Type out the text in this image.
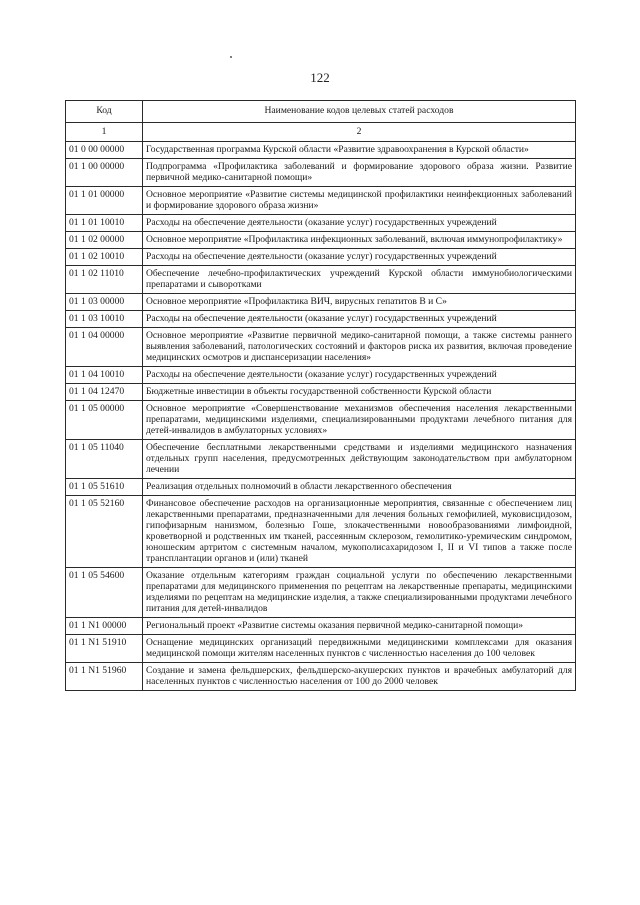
122
Код	Наименование кодов целевых статей расходов
1	2
01 0 00 00000	Государственная программа Курской области «Развитие здравоохранения в Курской области»
01 1 00 00000	Подпрограмма «Профилактика заболеваний и формирование здорового образа жизни. Развитие первичной медико-санитарной помощи»
01 1 01 00000	Основное мероприятие «Развитие системы медицинской профилактики неинфекционных заболеваний и формирование здорового образа жизни»
01 1 01 10010	Расходы на обеспечение деятельности (оказание услуг) государственных учреждений
01 1 02 00000	Основное мероприятие «Профилактика инфекционных заболеваний, включая иммунопрофилактику»
01 1 02 10010	Расходы на обеспечение деятельности (оказание услуг) государственных учреждений
01 1 02 11010	Обеспечение лечебно-профилактических учреждений Курской области иммунобиологическими препаратами и сыворотками
01 1 03 00000	Основное мероприятие «Профилактика ВИЧ, вирусных гепатитов В и С»
01 1 03 10010	Расходы на обеспечение деятельности (оказание услуг) государственных учреждений
01 1 04 00000	Основное мероприятие «Развитие первичной медико-санитарной помощи, а также системы раннего выявления заболеваний, патологических состояний и факторов риска их развития, включая проведение медицинских осмотров и диспансеризации населения»
01 1 04 10010	Расходы на обеспечение деятельности (оказание услуг) государственных учреждений
01 1 04 12470	Бюджетные инвестиции в объекты государственной собственности Курской области
01 1 05 00000	Основное мероприятие «Совершенствование механизмов обеспечения населения лекарственными препаратами, медицинскими изделиями, специализированными продуктами лечебного питания для детей-инвалидов в амбулаторных условиях»
01 1 05 11040	Обеспечение бесплатными лекарственными средствами и изделиями медицинского назначения отдельных групп населения, предусмотренных действующим законодательством при амбулаторном лечении
01 1 05 51610	Реализация отдельных полномочий в области лекарственного обеспечения
01 1 05 52160	Финансовое обеспечение расходов на организационные мероприятия, связанные с обеспечением лиц лекарственными препаратами, предназначенными для лечения больных гемофилией, муковисцидозом, гипофизарным нанизмом, болезнью Гоше, злокачественными новообразованиями лимфоидной, кроветворной и родственных им тканей, рассеянным склерозом, гемолитико-уремическим синдромом, юношеским артритом с системным началом, мукополисахаридозом I, II и VI типов а также после трансплантации органов и (или) тканей
01 1 05 54600	Оказание отдельным категориям граждан социальной услуги по обеспечению лекарственными препаратами для медицинского применения по рецептам на лекарственные препараты, медицинскими изделиями по рецептам на медицинские изделия, а также специализированными продуктами лечебного питания для детей-инвалидов
01 1 N1 00000	Региональный проект «Развитие системы оказания первичной медико-санитарной помощи»
01 1 N1 51910	Оснащение медицинских организаций передвижными медицинскими комплексами для оказания медицинской помощи жителям населенных пунктов с численностью населения до 100 человек
01 1 N1 51960	Создание и замена фельдшерских, фельдшерско-акушерских пунктов и врачебных амбулаторий для населенных пунктов с численностью населения от 100 до 2000 человек
